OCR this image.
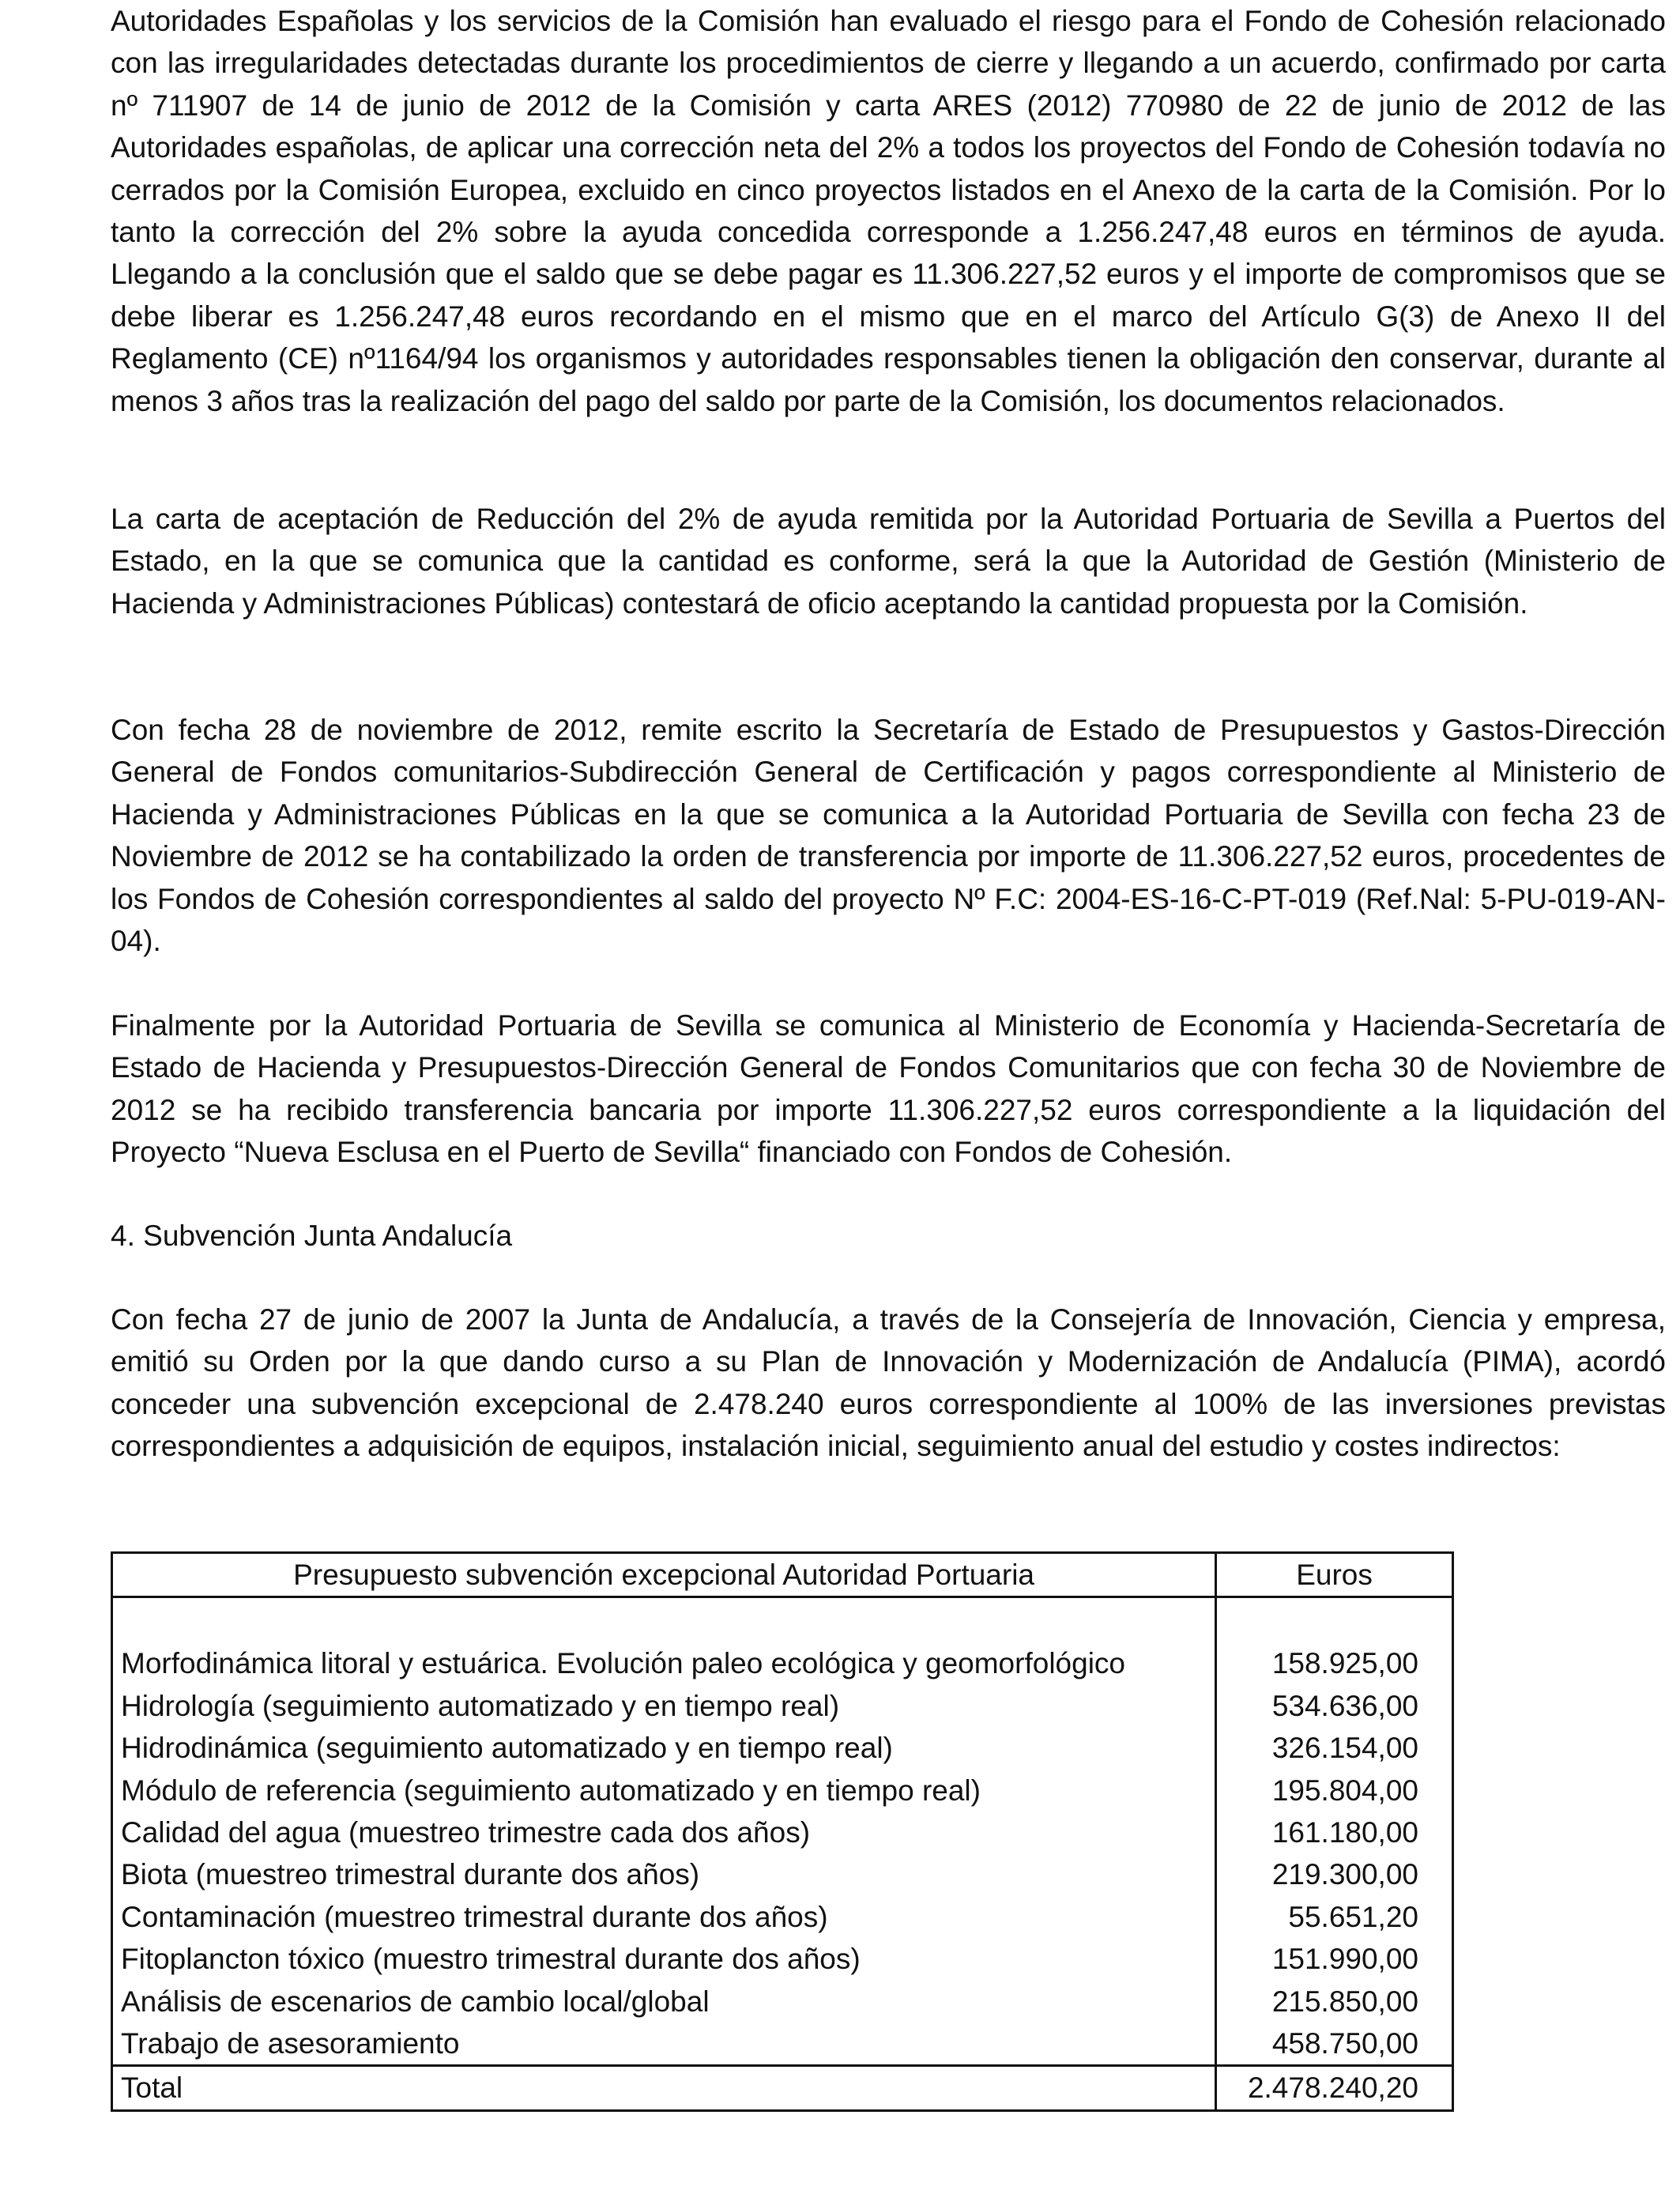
Autoridades Españolas y los servicios de la Comisión han evaluado el riesgo para el Fondo de Cohesión relacionado con las irregularidades detectadas durante los procedimientos de cierre y llegando a un acuerdo, confirmado por carta nº 711907 de 14 de junio de 2012 de la Comisión y carta ARES (2012) 770980 de 22 de junio de 2012 de las Autoridades españolas, de aplicar una corrección neta del 2% a todos los proyectos del Fondo de Cohesión todavía no cerrados por la Comisión Europea, excluido en cinco proyectos listados en el Anexo de la carta de la Comisión. Por lo tanto la corrección del 2% sobre la ayuda concedida corresponde a 1.256.247,48 euros en términos de ayuda. Llegando a la conclusión que el saldo que se debe pagar es 11.306.227,52 euros y el importe de compromisos que se debe liberar es 1.256.247,48 euros recordando en el mismo que en el marco del Artículo G(3) de Anexo II del Reglamento (CE) nº1164/94 los organismos y autoridades responsables tienen la obligación den conservar, durante al menos 3 años tras la realización del pago del saldo por parte de la Comisión, los documentos relacionados.

La carta de aceptación de Reducción del 2% de ayuda remitida por la Autoridad Portuaria de Sevilla a Puertos del Estado, en la que se comunica que la cantidad es conforme, será la que la Autoridad de Gestión (Ministerio de Hacienda y Administraciones Públicas) contestará de oficio aceptando la cantidad propuesta por la Comisión.

Con fecha 28 de noviembre de 2012, remite escrito la Secretaría de Estado de Presupuestos y Gastos-Dirección General de Fondos comunitarios-Subdirección General de Certificación y pagos correspondiente al Ministerio de Hacienda y Administraciones Públicas en la que se comunica a la Autoridad Portuaria de Sevilla con fecha 23 de Noviembre de 2012 se ha contabilizado la orden de transferencia por importe de 11.306.227,52 euros, procedentes de los Fondos de Cohesión correspondientes al saldo del proyecto Nº F.C: 2004-ES-16-C-PT-019 (Ref.Nal: 5-PU-019-AN-04).

Finalmente por la Autoridad Portuaria de Sevilla se comunica al Ministerio de Economía y Hacienda-Secretaría de Estado de Hacienda y Presupuestos-Dirección General de Fondos Comunitarios que con fecha 30 de Noviembre de 2012 se ha recibido transferencia bancaria por importe 11.306.227,52 euros correspondiente a la liquidación del Proyecto “Nueva Esclusa en el Puerto de Sevilla“ financiado con Fondos de Cohesión.

4. Subvención Junta Andalucía

Con fecha 27 de junio de 2007 la Junta de Andalucía, a través de la Consejería de Innovación, Ciencia y empresa, emitió su Orden por la que dando curso a su Plan de Innovación y Modernización de Andalucía (PIMA), acordó conceder una subvención excepcional de 2.478.240 euros correspondiente al 100% de las inversiones previstas correspondientes a adquisición de equipos, instalación inicial, seguimiento anual del estudio y costes indirectos:

Presupuesto subvención excepcional Autoridad Portuaria	Euros

Morfodinámica litoral y estuárica. Evolución paleo ecológica y geomorfológico	158.925,00
Hidrología (seguimiento automatizado y en tiempo real)	534.636,00
Hidrodinámica (seguimiento automatizado y en tiempo real)	326.154,00
Módulo de referencia (seguimiento automatizado y en tiempo real)	195.804,00
Calidad del agua (muestreo trimestre cada dos años)	161.180,00
Biota (muestreo trimestral durante dos años)	219.300,00
Contaminación (muestreo trimestral durante dos años)	55.651,20
Fitoplancton tóxico (muestro trimestral durante dos años)	151.990,00
Análisis de escenarios de cambio local/global	215.850,00
Trabajo de asesoramiento	458.750,00
Total	2.478.240,20
